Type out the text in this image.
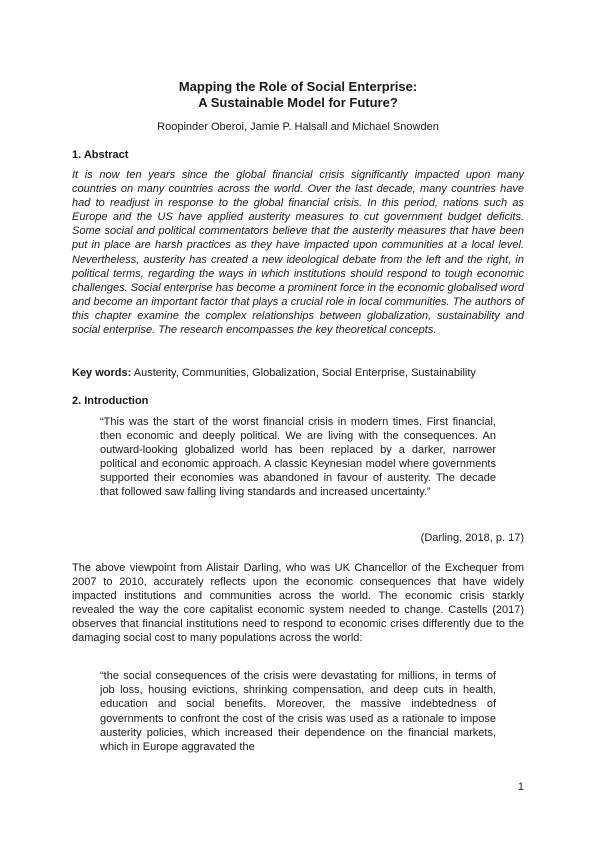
Mapping the Role of Social Enterprise:
A Sustainable Model for Future?
Roopinder Oberoi, Jamie P. Halsall and Michael Snowden
1. Abstract
It is now ten years since the global financial crisis significantly impacted upon many countries on many countries across the world. Over the last decade, many countries have had to readjust in response to the global financial crisis. In this period, nations such as Europe and the US have applied austerity measures to cut government budget deficits. Some social and political commentators believe that the austerity measures that have been put in place are harsh practices as they have impacted upon communities at a local level. Nevertheless, austerity has created a new ideological debate from the left and the right, in political terms, regarding the ways in which institutions should respond to tough economic challenges. Social enterprise has become a prominent force in the economic globalised word and become an important factor that plays a crucial role in local communities. The authors of this chapter examine the complex relationships between globalization, sustainability and social enterprise. The research encompasses the key theoretical concepts.
Key words: Austerity, Communities, Globalization, Social Enterprise, Sustainability
2. Introduction
“This was the start of the worst financial crisis in modern times. First financial, then economic and deeply political. We are living with the consequences. An outward-looking globalized world has been replaced by a darker, narrower political and economic approach. A classic Keynesian model where governments supported their economies was abandoned in favour of austerity. The decade that followed saw falling living standards and increased uncertainty.”
(Darling, 2018, p. 17)
The above viewpoint from Alistair Darling, who was UK Chancellor of the Exchequer from 2007 to 2010, accurately reflects upon the economic consequences that have widely impacted institutions and communities across the world. The economic crisis starkly revealed the way the core capitalist economic system needed to change. Castells (2017) observes that financial institutions need to respond to economic crises differently due to the damaging social cost to many populations across the world:
“the social consequences of the crisis were devastating for millions, in terms of job loss, housing evictions, shrinking compensation, and deep cuts in health, education and social benefits. Moreover, the massive indebtedness of governments to confront the cost of the crisis was used as a rationale to impose austerity policies, which increased their dependence on the financial markets, which in Europe aggravated the
1
